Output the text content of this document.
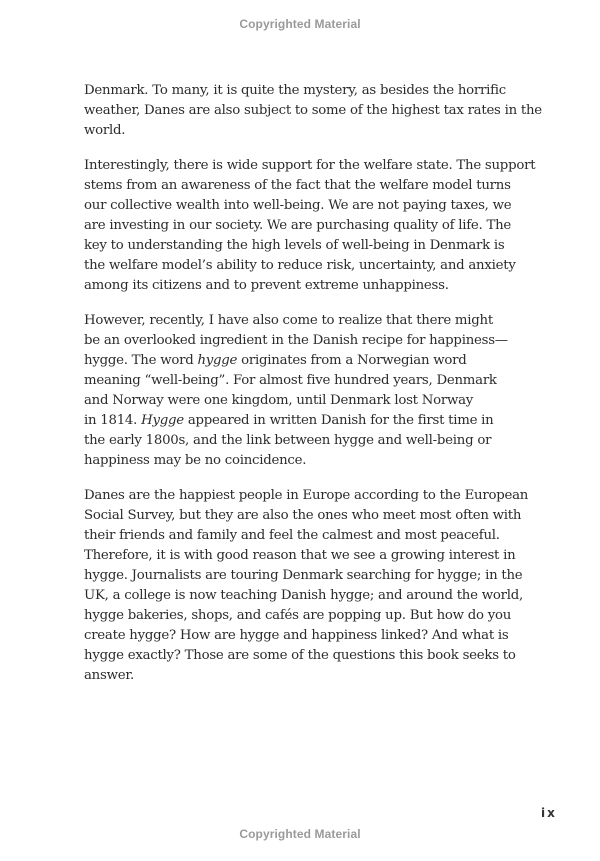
Copyrighted Material
Denmark. To many, it is quite the mystery, as besides the horrific
weather, Danes are also subject to some of the highest tax rates in the
world.
Interestingly, there is wide support for the welfare state. The support
stems from an awareness of the fact that the welfare model turns
our collective wealth into well-being. We are not paying taxes, we
are investing in our society. We are purchasing quality of life. The
key to understanding the high levels of well-being in Denmark is
the welfare model’s ability to reduce risk, uncertainty, and anxiety
among its citizens and to prevent extreme unhappiness.
However, recently, I have also come to realize that there might
be an overlooked ingredient in the Danish recipe for happiness—
hygge. The word hygge originates from a Norwegian word
meaning “well-being”. For almost five hundred years, Denmark
and Norway were one kingdom, until Denmark lost Norway
in 1814. Hygge appeared in written Danish for the first time in
the early 1800s, and the link between hygge and well-being or
happiness may be no coincidence.
Danes are the happiest people in Europe according to the European
Social Survey, but they are also the ones who meet most often with
their friends and family and feel the calmest and most peaceful.
Therefore, it is with good reason that we see a growing interest in
hygge. Journalists are touring Denmark searching for hygge; in the
UK, a college is now teaching Danish hygge; and around the world,
hygge bakeries, shops, and cafés are popping up. But how do you
create hygge? How are hygge and happiness linked? And what is
hygge exactly? Those are some of the questions this book seeks to
answer.
ix
Copyrighted Material
